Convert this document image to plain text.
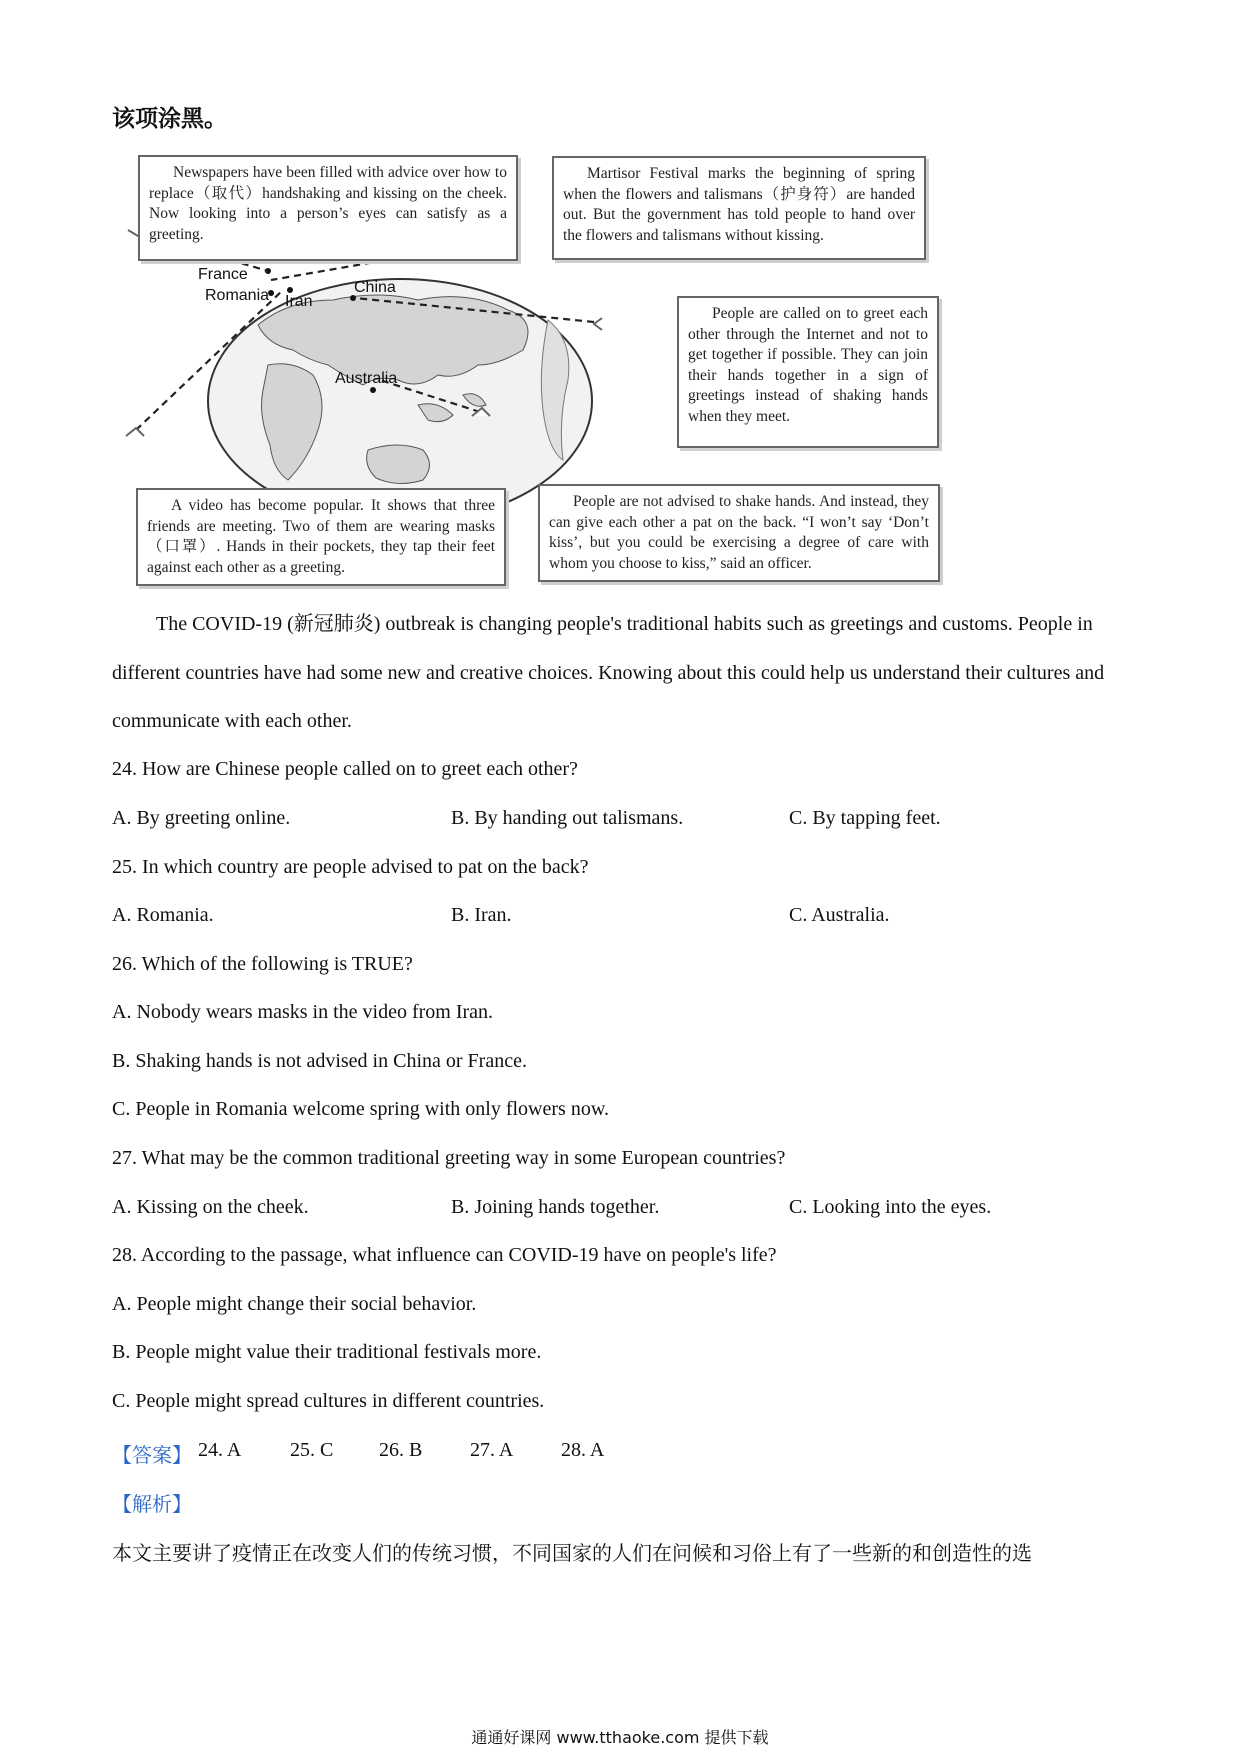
该项涂黑。
France
Romania Iran
China
Australia
Newspapers have been filled with advice over how to replace（取代）handshaking and kissing on the cheek. Now looking into a person’s eyes can satisfy as a greeting.
Martisor Festival marks the beginning of spring when the flowers and talismans（护身符）are handed out. But the government has told people to hand over the flowers and talismans without kissing.
People are called on to greet each other through the Internet and not to get together if possible. They can join their hands together in a sign of greetings instead of shaking hands when they meet.
A video has become popular. It shows that three friends are meeting. Two of them are wearing masks（口罩）. Hands in their pockets, they tap their feet against each other as a greeting.
People are not advised to shake hands. And instead, they can give each other a pat on the back. “I won’t say ‘Don’t kiss’, but you could be exercising a degree of care with whom you choose to kiss,” said an officer.
The COVID-19 (新冠肺炎) outbreak is changing people's traditional habits such as greetings and customs. People in different countries have had some new and creative choices. Knowing about this could help us understand their cultures and communicate with each other.
24. How are Chinese people called on to greet each other?
A. By greeting online.	B. By handing out talismans.	C. By tapping feet.
25. In which country are people advised to pat on the back?
A. Romania.	B. Iran.	C. Australia.
26. Which of the following is TRUE?
A. Nobody wears masks in the video from Iran.
B. Shaking hands is not advised in China or France.
C. People in Romania welcome spring with only flowers now.
27. What may be the common traditional greeting way in some European countries?
A. Kissing on the cheek.	B. Joining hands together.	C. Looking into the eyes.
28. According to the passage, what influence can COVID-19 have on people's life?
A. People might change their social behavior.
B. People might value their traditional festivals more.
C. People might spread cultures in different countries.
【答案】 24. A 25. C 26. B 27. A 28. A
【解析】
本文主要讲了疫情正在改变人们的传统习惯，不同国家的人们在问候和习俗上有了一些新的和创造性的选
通通好课网 www.tthaoke.com 提供下载
